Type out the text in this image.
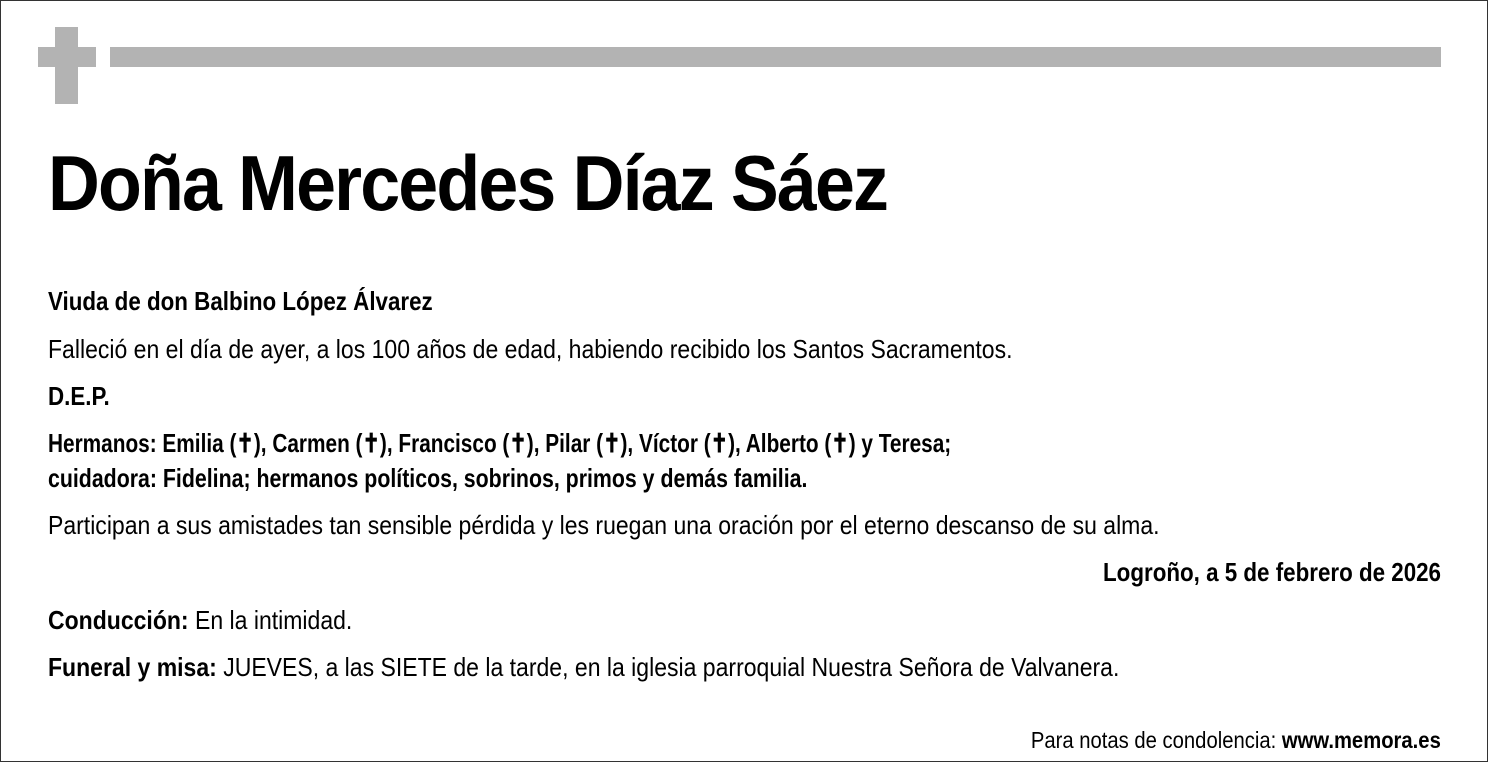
Doña Mercedes Díaz Sáez
Viuda de don Balbino López Álvarez
Falleció en el día de ayer, a los 100 años de edad, habiendo recibido los Santos Sacramentos.
D.E.P.
Hermanos: Emilia (✝), Carmen (✝), Francisco (✝), Pilar (✝), Víctor (✝), Alberto (✝) y Teresa;
cuidadora: Fidelina; hermanos políticos, sobrinos, primos y demás familia.
Participan a sus amistades tan sensible pérdida y les ruegan una oración por el eterno descanso de su alma.
Logroño, a 5 de febrero de 2026
Conducción: En la intimidad.
Funeral y misa: JUEVES, a las SIETE de la tarde, en la iglesia parroquial Nuestra Señora de Valvanera.
Para notas de condolencia: www.memora.es
